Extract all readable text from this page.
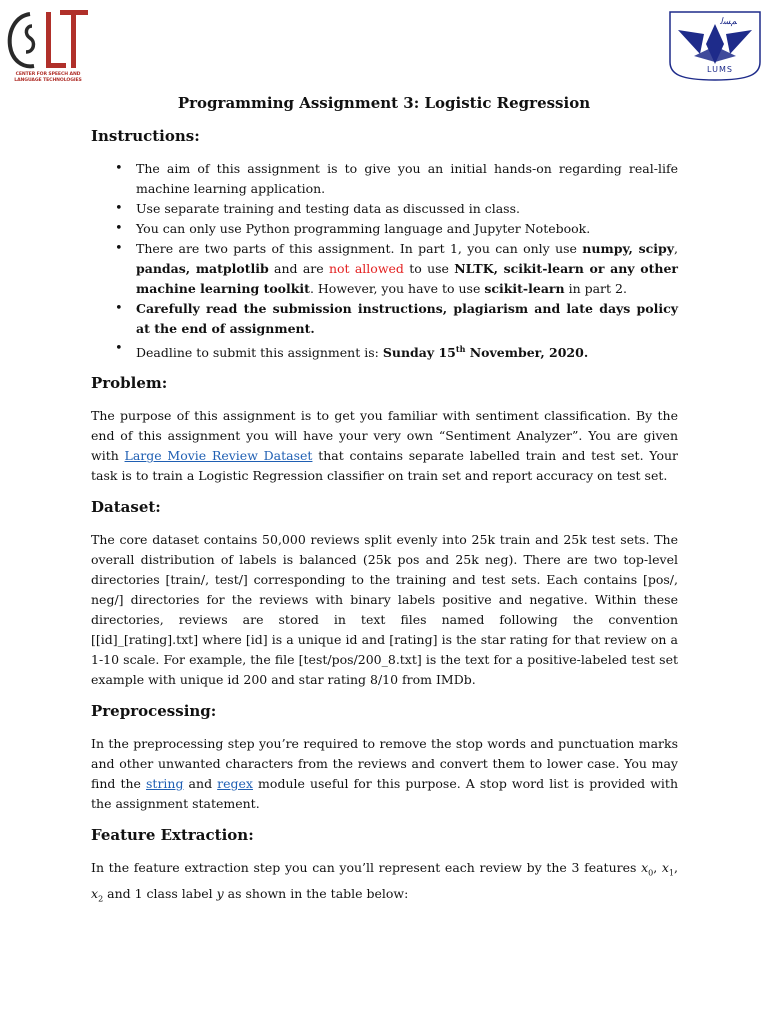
CENTER FOR SPEECH AND LANGUAGE TECHNOLOGIES
ﻢﺴﻟ
LUMS
Programming Assignment 3: Logistic Regression
Instructions:
• The aim of this assignment is to give you an initial hands-on regarding real-life machine learning application.
• Use separate training and testing data as discussed in class.
• You can only use Python programming language and Jupyter Notebook.
• There are two parts of this assignment. In part 1, you can only use numpy, scipy, pandas, matplotlib and are not allowed to use NLTK, scikit-learn or any other machine learning toolkit. However, you have to use scikit-learn in part 2.
• Carefully read the submission instructions, plagiarism and late days policy at the end of assignment.
• Deadline to submit this assignment is: Sunday 15th November, 2020.
Problem:

The purpose of this assignment is to get you familiar with sentiment classification. By the end of this assignment you will have your very own “Sentiment Analyzer”. You are given with Large Movie Review Dataset that contains separate labelled train and test set. Your task is to train a Logistic Regression classifier on train set and report accuracy on test set.

Dataset:

The core dataset contains 50,000 reviews split evenly into 25k train and 25k test sets. The overall distribution of labels is balanced (25k pos and 25k neg). There are two top-level directories [train/, test/] corresponding to the training and test sets. Each contains [pos/, neg/] directories for the reviews with binary labels positive and negative. Within these directories, reviews are stored in text files named following the convention [[id]_[rating].txt] where [id] is a unique id and [rating] is the star rating for that review on a 1-10 scale. For example, the file [test/pos/200_8.txt] is the text for a positive-labeled test set example with unique id 200 and star rating 8/10 from IMDb.

Preprocessing:

In the preprocessing step you’re required to remove the stop words and punctuation marks and other unwanted characters from the reviews and convert them to lower case. You may find the string and regex module useful for this purpose. A stop word list is provided with the assignment statement.

Feature Extraction:

In the feature extraction step you can you’ll represent each review by the 3 features $x_0$, $x_1$, $x_2$ and 1 class label y as shown in the table below:
